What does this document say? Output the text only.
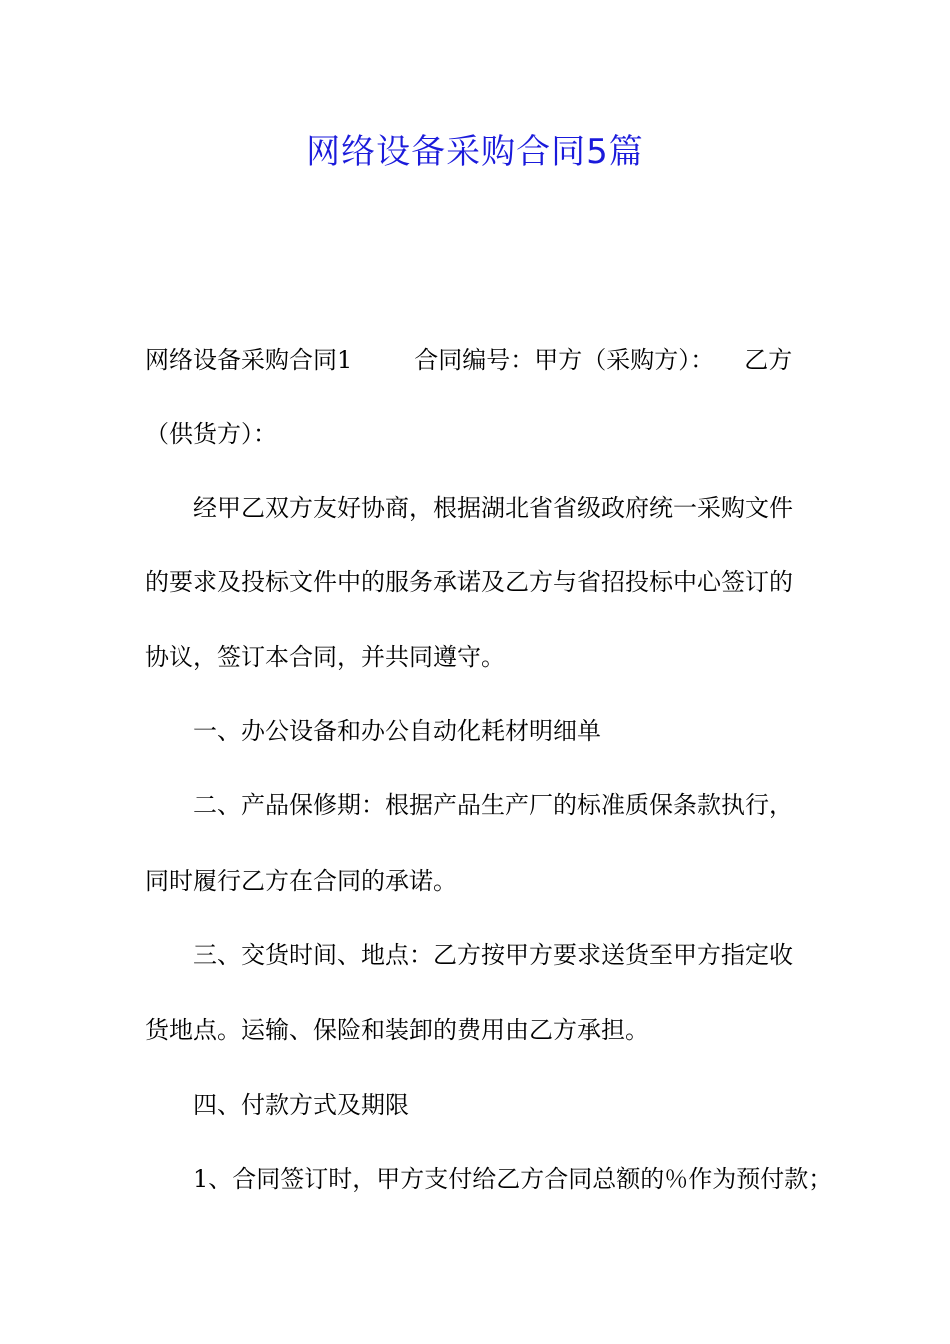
网络设备采购合同5篇
网络设备采购合同1	合同编号：甲方（采购方）： 乙方
（供货方）：
经甲乙双方友好协商，根据湖北省省级政府统一采购文件
的要求及投标文件中的服务承诺及乙方与省招投标中心签订的
协议，签订本合同，并共同遵守。
一、办公设备和办公自动化耗材明细单
二、产品保修期：根据产品生产厂的标准质保条款执行，
同时履行乙方在合同的承诺。
三、交货时间、地点：乙方按甲方要求送货至甲方指定收
货地点。运输、保险和装卸的费用由乙方承担。
四、付款方式及期限
1、合同签订时，甲方支付给乙方合同总额的％作为预付款；
